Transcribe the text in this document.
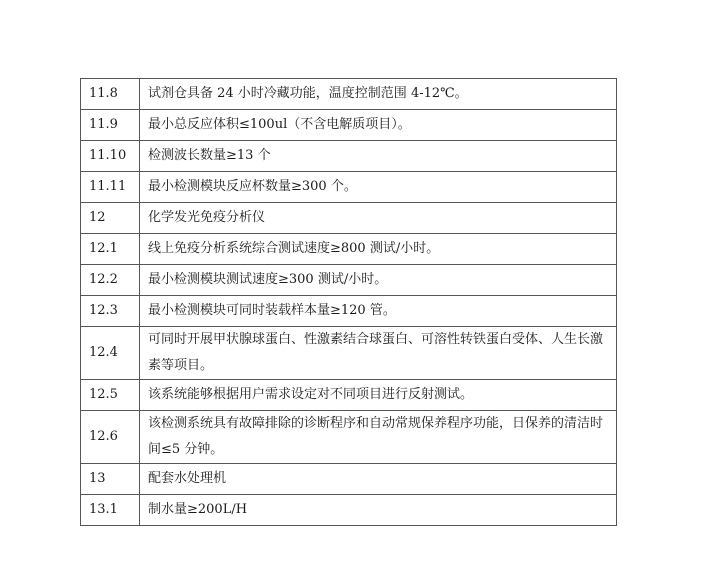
11.8	试剂仓具备 24 小时冷藏功能，温度控制范围 4-12℃。
11.9	最小总反应体积≤100ul（不含电解质项目）。
11.10	检测波长数量≥13 个
11.11	最小检测模块反应杯数量≥300 个。
12	化学发光免疫分析仪
12.1	线上免疫分析系统综合测试速度≥800 测试/小时。
12.2	最小检测模块测试速度≥300 测试/小时。
12.3	最小检测模块可同时装载样本量≥120 管。
12.4	可同时开展甲状腺球蛋白、性激素结合球蛋白、可溶性转铁蛋白受体、人生长激素等项目。
12.5	该系统能够根据用户需求设定对不同项目进行反射测试。
12.6	该检测系统具有故障排除的诊断程序和自动常规保养程序功能，日保养的清洁时间≤5 分钟。
13	配套水处理机
13.1	制水量≥200L/H
